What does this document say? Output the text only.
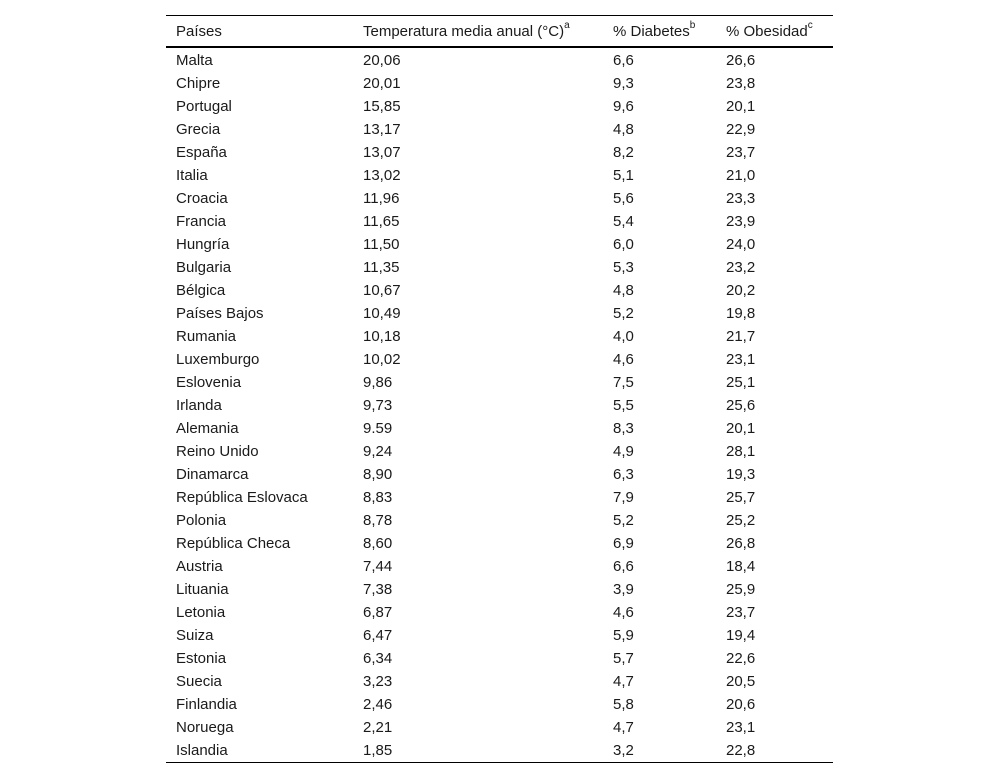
Países	Temperatura media anual $(^\circ C)^a$	% Diabetes$^b$	% Obesidad$^c$
Malta	20,06	6,6	26,6
Chipre	20,01	9,3	23,8
Portugal	15,85	9,6	20,1
Grecia	13,17	4,8	22,9
España	13,07	8,2	23,7
Italia	13,02	5,1	21,0
Croacia	11,96	5,6	23,3
Francia	11,65	5,4	23,9
Hungría	11,50	6,0	24,0
Bulgaria	11,35	5,3	23,2
Bélgica	10,67	4,8	20,2
Países Bajos	10,49	5,2	19,8
Rumania	10,18	4,0	21,7
Luxemburgo	10,02	4,6	23,1
Eslovenia	9,86	7,5	25,1
Irlanda	9,73	5,5	25,6
Alemania	9.59	8,3	20,1
Reino Unido	9,24	4,9	28,1
Dinamarca	8,90	6,3	19,3
República Eslovaca	8,83	7,9	25,7
Polonia	8,78	5,2	25,2
República Checa	8,60	6,9	26,8
Austria	7,44	6,6	18,4
Lituania	7,38	3,9	25,9
Letonia	6,87	4,6	23,7
Suiza	6,47	5,9	19,4
Estonia	6,34	5,7	22,6
Suecia	3,23	4,7	20,5
Finlandia	2,46	5,8	20,6
Noruega	2,21	4,7	23,1
Islandia	1,85	3,2	22,8
